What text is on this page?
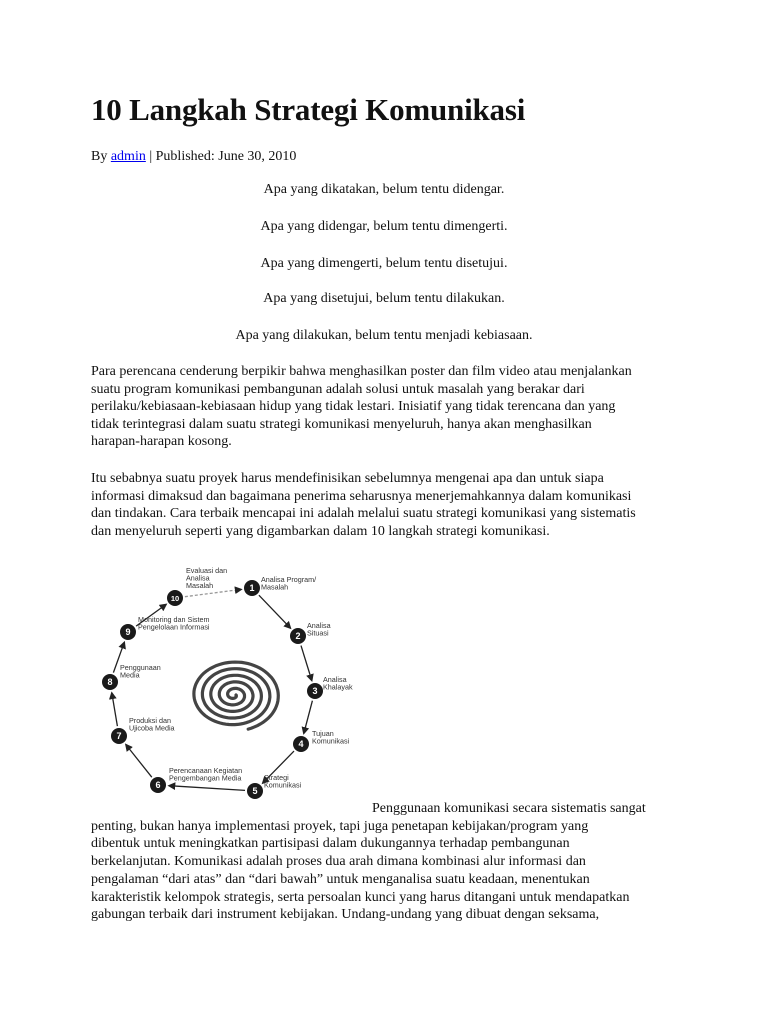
10 Langkah Strategi Komunikasi
By admin | Published: June 30, 2010

Apa yang dikatakan, belum tentu didengar.

Apa yang didengar, belum tentu dimengerti.

Apa yang dimengerti, belum tentu disetujui.

Apa yang disetujui, belum tentu dilakukan.

Apa yang dilakukan, belum tentu menjadi kebiasaan.

Para perencana cenderung berpikir bahwa menghasilkan poster dan film video atau menjalankan
suatu program komunikasi pembangunan adalah solusi untuk masalah yang berakar dari
perilaku/kebiasaan-kebiasaan hidup yang tidak lestari. Inisiatif yang tidak terencana dan yang
tidak terintegrasi dalam suatu strategi komunikasi menyeluruh, hanya akan menghasilkan
harapan-harapan kosong.
Itu sebabnya suatu proyek harus mendefinisikan sebelumnya mengenai apa dan untuk siapa
informasi dimaksud dan bagaimana penerima seharusnya menerjemahkannya dalam komunikasi
dan tindakan. Cara terbaik mencapai ini adalah melalui suatu strategi komunikasi yang sistematis
dan menyeluruh seperti yang digambarkan dalam 10 langkah strategi komunikasi.
1
Analisa Program/
Masalah
2
Analisa
Situasi
3
Analisa
Khalayak
4
Tujuan
Komunikasi
5
Strategi
Komunikasi
6
Perencanaan Kegiatan
Pengembangan Media
7
Produksi dan
Ujicoba Media
8
Penggunaan
Media
9
Monitoring dan Sistem
Pengelolaan Informasi
10
Evaluasi dan
Analisa
Masalah
Penggunaan komunikasi secara sistematis sangat
penting, bukan hanya implementasi proyek, tapi juga penetapan kebijakan/program yang
dibentuk untuk meningkatkan partisipasi dalam dukungannya terhadap pembangunan
berkelanjutan. Komunikasi adalah proses dua arah dimana kombinasi alur informasi dan
pengalaman “dari atas” dan “dari bawah” untuk menganalisa suatu keadaan, menentukan
karakteristik kelompok strategis, serta persoalan kunci yang harus ditangani untuk mendapatkan
gabungan terbaik dari instrument kebijakan. Undang-undang yang dibuat dengan seksama,
